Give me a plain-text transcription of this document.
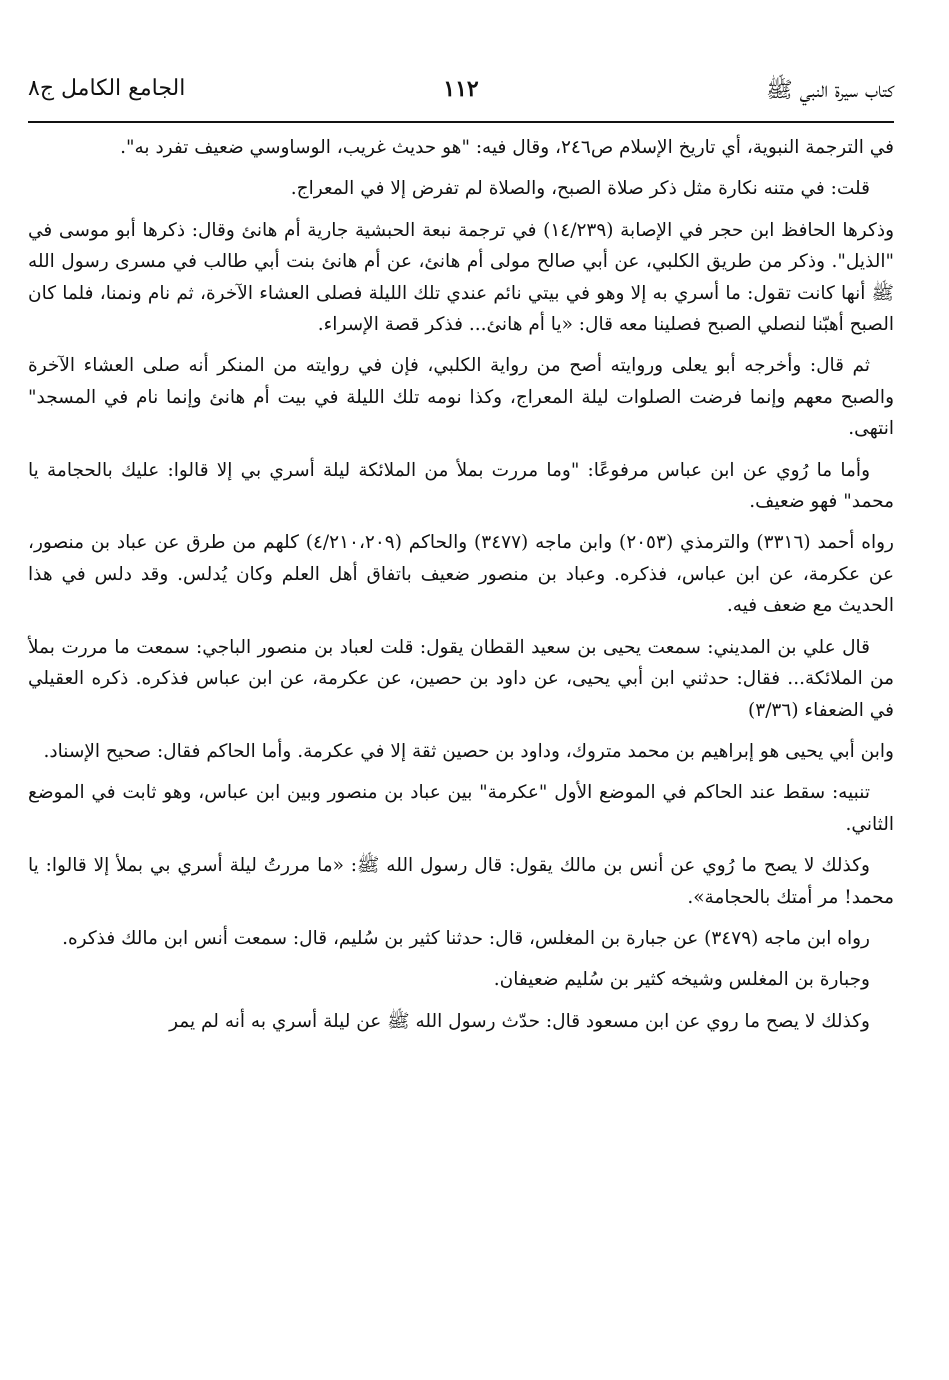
كتاب سيرة النبي ﷺ
١١٢
الجامع الكامل ج٨

في الترجمة النبوية، أي تاريخ الإسلام ص٢٤٦، وقال فيه: "هو حديث غريب، الوساوسي ضعيف تفرد به".

قلت: في متنه نكارة مثل ذكر صلاة الصبح، والصلاة لم تفرض إلا في المعراج.

وذكرها الحافظ ابن حجر في الإصابة (١٤/٢٣٩) في ترجمة نبعة الحبشية جارية أم هانئ وقال: ذكرها أبو موسى في "الذيل". وذكر من طريق الكلبي، عن أبي صالح مولى أم هانئ، عن أم هانئ بنت أبي طالب في مسرى رسول الله ﷺ أنها كانت تقول: ما أسري به إلا وهو في بيتي نائم عندي تلك الليلة فصلى العشاء الآخرة، ثم نام ونمنا، فلما كان الصبح أهبّنا لنصلي الصبح فصلينا معه قال: «يا أم هانئ... فذكر قصة الإسراء.

ثم قال: وأخرجه أبو يعلى وروايته أصح من رواية الكلبي، فإن في روايته من المنكر أنه صلى العشاء الآخرة والصبح معهم وإنما فرضت الصلوات ليلة المعراج، وكذا نومه تلك الليلة في بيت أم هانئ وإنما نام في المسجد" انتهى.

وأما ما رُوي عن ابن عباس مرفوعًا: "وما مررت بملأ من الملائكة ليلة أسري بي إلا قالوا: عليك بالحجامة يا محمد" فهو ضعيف.

رواه أحمد (٣٣١٦) والترمذي (٢٠٥٣) وابن ماجه (٣٤٧٧) والحاكم (٤/٢١٠،٢٠٩) كلهم من طرق عن عباد بن منصور، عن عكرمة، عن ابن عباس، فذكره. وعباد بن منصور ضعيف باتفاق أهل العلم وكان يُدلس. وقد دلس في هذا الحديث مع ضعف فيه.

قال علي بن المديني: سمعت يحيى بن سعيد القطان يقول: قلت لعباد بن منصور الباجي: سمعت ما مررت بملأ من الملائكة... فقال: حدثني ابن أبي يحيى، عن داود بن حصين، عن عكرمة، عن ابن عباس فذكره. ذكره العقيلي في الضعفاء (٣/٣٦)

وابن أبي يحيى هو إبراهيم بن محمد متروك، وداود بن حصين ثقة إلا في عكرمة. وأما الحاكم فقال: صحيح الإسناد.

تنبيه: سقط عند الحاكم في الموضع الأول "عكرمة" بين عباد بن منصور وبين ابن عباس، وهو ثابت في الموضع الثاني.

وكذلك لا يصح ما رُوي عن أنس بن مالك يقول: قال رسول الله ﷺ: «ما مررتُ ليلة أسري بي بملأ إلا قالوا: يا محمد! مر أمتك بالحجامة».

رواه ابن ماجه (٣٤٧٩) عن جبارة بن المغلس، قال: حدثنا كثير بن سُليم، قال: سمعت أنس ابن مالك فذكره.

وجبارة بن المغلس وشيخه كثير بن سُليم ضعيفان.

وكذلك لا يصح ما روي عن ابن مسعود قال: حدّث رسول الله ﷺ عن ليلة أسري به أنه لم يمر
